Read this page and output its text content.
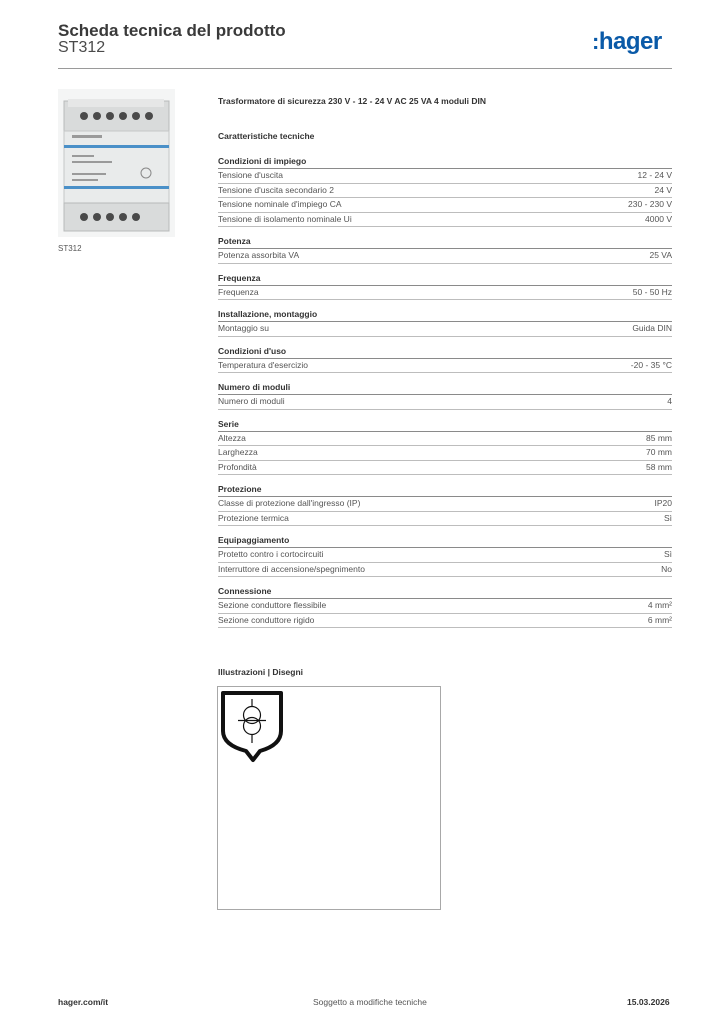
Scheda tecnica del prodotto
ST312	:hager
ST312
Trasformatore di sicurezza 230 V - 12 - 24 V AC 25 VA 4 moduli DIN
Caratteristiche tecniche
Condizioni di impiego
Tensione d'uscita	12 - 24 V
Tensione d'uscita secondario 2	24 V
Tensione nominale d'impiego CA	230 - 230 V
Tensione di isolamento nominale Ui	4000 V
Potenza
Potenza assorbita VA	25 VA
Frequenza
Frequenza	50 - 50 Hz
Installazione, montaggio
Montaggio su	Guida DIN
Condizioni d'uso
Temperatura d'esercizio	-20 - 35 °C
Numero di moduli
Numero di moduli	4
Serie
Altezza	85 mm
Larghezza	70 mm
Profondità	58 mm
Protezione
Classe di protezione dall'ingresso (IP)	IP20
Protezione termica	Sì
Equipaggiamento
Protetto contro i cortocircuiti	Sì
Interruttore di accensione/spegnimento	No
Connessione
Sezione conduttore flessibile	4 mm²
Sezione conduttore rigido	6 mm²
Illustrazioni | Disegni
hager.com/it	Soggetto a modifiche tecniche	15.03.2026
